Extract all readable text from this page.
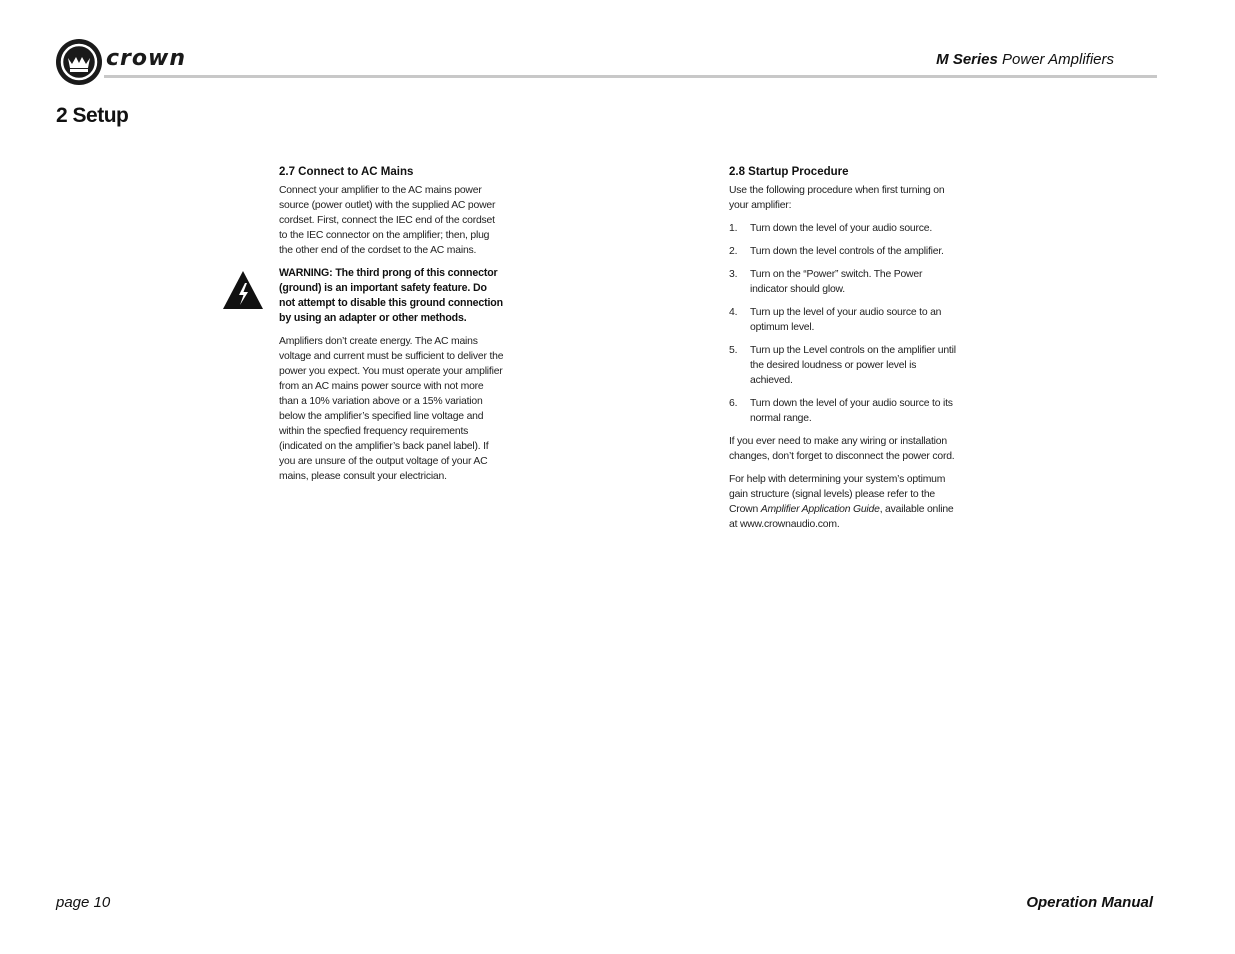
crown	M Series Power Amplifiers
2 Setup
2.7 Connect to AC Mains

Connect your amplifier to the AC mains power source (power outlet) with the supplied AC power cordset. First, connect the IEC end of the cordset to the IEC connector on the amplifier; then, plug the other end of the cordset to the AC mains.

WARNING: The third prong of this connector (ground) is an important safety feature. Do not attempt to disable this ground connection by using an adapter or other methods.

Amplifiers don’t create energy. The AC mains voltage and current must be sufficient to deliver the power you expect. You must operate your amplifier from an AC mains power source with not more than a 10% variation above or a 15% variation below the amplifier’s specified line voltage and within the specfied frequency requirements (indicated on the amplifier’s back panel label). If you are unsure of the output voltage of your AC mains, please consult your electrician.

2.8 Startup Procedure

Use the following procedure when first turning on your amplifier:

1. Turn down the level of your audio source.
2. Turn down the level controls of the amplifier.
3. Turn on the “Power” switch. The Power indicator should glow.
4. Turn up the level of your audio source to an optimum level.
5. Turn up the Level controls on the amplifier until the desired loudness or power level is achieved.
6. Turn down the level of your audio source to its normal range.

If you ever need to make any wiring or installation changes, don’t forget to disconnect the power cord.

For help with determining your system’s optimum gain structure (signal levels) please refer to the Crown Amplifier Application Guide, available online at www.crownaudio.com.

page 10	Operation Manual
